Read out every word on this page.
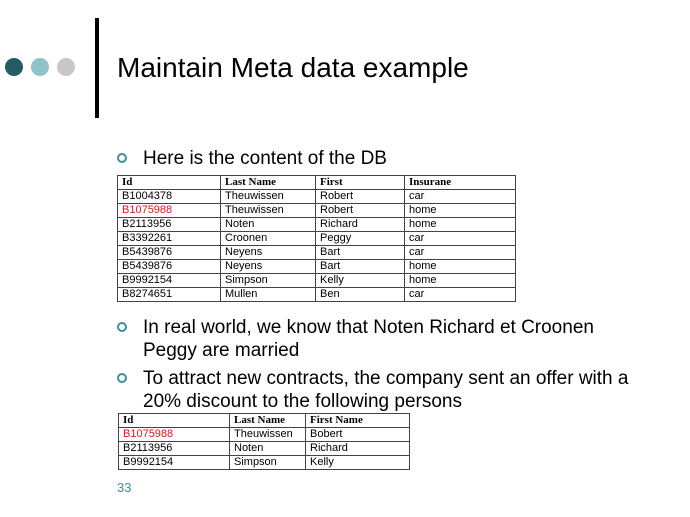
Maintain Meta data example

Here is the content of the DB

Id	Last Name	First	Insurane
B1004378	Theuwissen	Robert	car
B1075988	Theuwissen	Robert	home
B2113956	Noten	Richard	home
B3392261	Croonen	Peggy	car
B5439876	Neyens	Bart	car
B5439876	Neyens	Bart	home
B9992154	Simpson	Kelly	home
B8274651	Mullen	Ben	car

In real world, we know that Noten Richard et Croonen Peggy are married

To attract new contracts, the company sent an offer with a 20% discount to the following persons

Id	Last Name	First Name
B1075988	Theuwissen	Bobert
B2113956	Noten	Richard
B9992154	Simpson	Kelly
33
